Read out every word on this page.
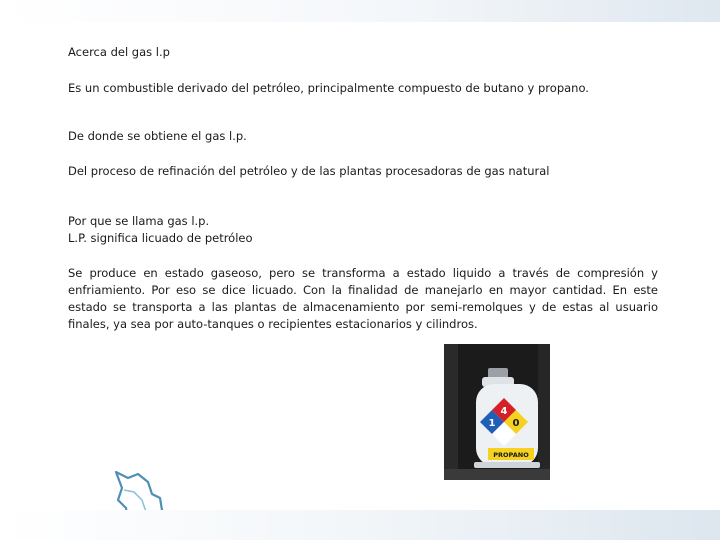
Acerca del gas l.p

Es un combustible derivado del petróleo, principalmente compuesto de butano y propano.

De donde se obtiene el gas l.p.

Del proceso de refinación del petróleo y de las plantas procesadoras de gas natural

Por que se llama gas l.p.

L.P. significa licuado de petróleo

Se produce en estado gaseoso, pero se transforma a estado liquido a través de compresión y enfriamiento. Por eso se dice licuado. Con la finalidad de manejarlo en mayor cantidad. En este estado se transporta a las plantas de almacenamiento por semi-remolques y de estas al usuario finales, ya sea por auto-tanques o recipientes estacionarios y cilindros.

4
1 0
PROPANO
